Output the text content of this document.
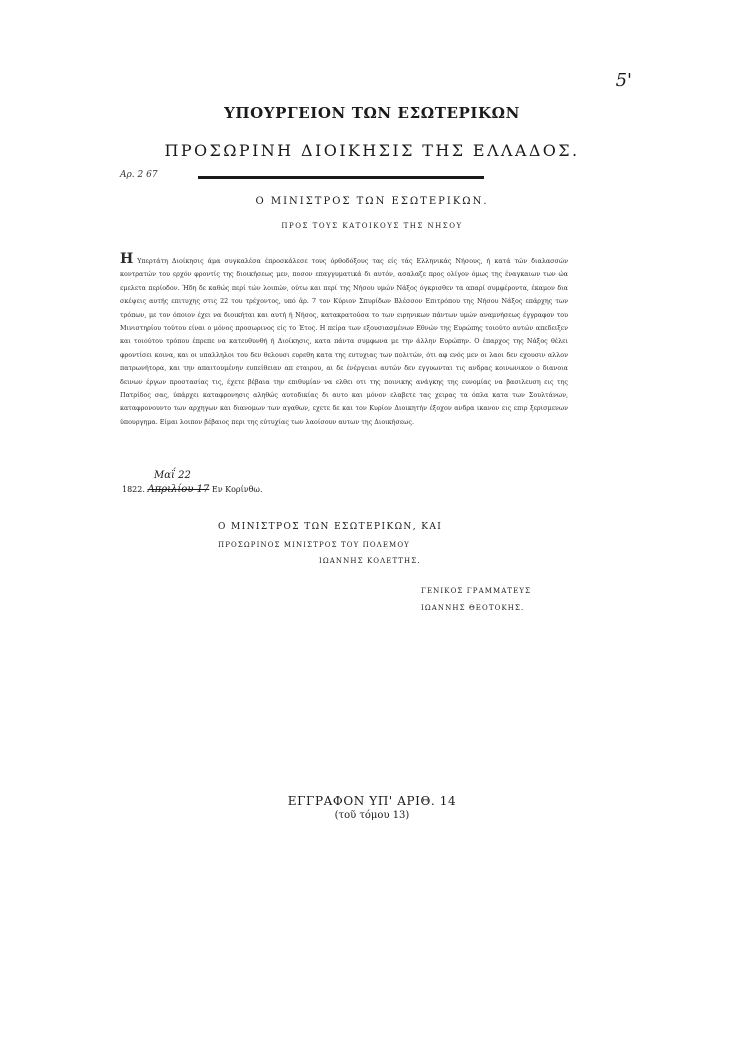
5'
ΥΠΟΥΡΓΕΙΟΝ ΤΩΝ ΕΣΩΤΕΡΙΚΩΝ
ΠΡΟΣΩΡΙΝΗ ΔΙΟΙΚΗΣΙΣ ΤΗΣ ΕΛΛΑΔΟΣ.
Αρ. 2 67
Ο ΜΙΝΙΣΤΡΟΣ ΤΩΝ ΕΣΩΤΕΡΙΚΩΝ.
ΠΡΟΣ ΤΟΥΣ ΚΑΤΟΙΚΟΥΣ ΤΗΣ ΝΗΣΟΥ
Η Υπερτάτη Διοίκησις άμα συγκαλέσα έπροσκάλεσε τους όρθοδόξους τας είς τάς Ελληνικάς Νήσους, ή κατά τών διαλασσών κοντρατών του ερχόν φροντίς της διοικήσεως μεν, ποσον επαγγυματικά δι αυτόν, ασαλαζε προς ολίγον όμως της έναγκαιων των ώα εμελετα περίοδον. Ήδη δε καθώς περί τών λοιπών, ούτω και περί της Νήσου υμών Νάξος όγκρισθεν τα απαρί συμφέροντα, έκαμον δια σκέψεις αυτής επιτυχης στις 22 του τρέχοντος, υπό ἀρ. 7 τον Κύριον Σπυρίδων Βλέσσον Επιτρόπου της Νήσου Νάξος επάρχης των τρόπων, με τον όποιον έχει να διοικήται και αυτή ή Νήσος, κατακρατούσα το των ειρηνικων πάντων υμών αναμνήσεως έγγραφον του Μινιστηρίου τούτου είναι ο μόνος προσωρινος είς το Έτος. Η πείρα των εξουσιασμένων Εθνών της Ευρώπης τοιούτο αυτών απεδειξεν και τοιούτου τρόπου έπρεπε να κατευθυνθή ή Διοίκησις, κατα πάντα συμφωνα με την άλλην Ευρώπην. Ο έπαρχος της Νάξος θέλει φροντίσει κοινα, και οι υπαλληλοι του δεν θελουσι ευρεθη κατα της ευτυχιας των πολιτών, ότι αφ ενός μεν οι λαοι δεν εχουσιν αλλον πατρωνήτορα, και την απαιτουμένην ευπείθειαν απ εταιρου, αι δε ένέργειαι αυτών δεν εγγυωνται τις ανδρας κοινωνικον ο διανοια δεινων έργων προστασίας τις, έχετε βέβαια την επιθυμίαν να ελθει οτι της ποινικης ανάγκης της ευνομίας να βασιλευση εις της Πατρίδος σας, ύπάρχει καταφρονησις αληθώς αυτοδικίας δι αυτο και μόνον ελαβετε τας χειρας τα όπλα κατα των Σουλτάνων, καταφρονουντο των αρχηγων και διανομων των αγαθων, εχετε δε και τον Κυρίον Διοικητήν έξοχον ανδρα ικανον εις επιρ ξερισμενων ύπουργημα. Είμαι λοιπον βέβαιος περι της εύτυχίας των λαοίσουν αυτων της Διοικήσεως.
Μαΐ 22
1822. Απριλίου 17 Εν Κορίνθω.
Ο ΜΙΝΙΣΤΡΟΣ ΤΩΝ ΕΣΩΤΕΡΙΚΩΝ, ΚΑΙ
ΠΡΟΣΩΡΙΝΟΣ ΜΙΝΙΣΤΡΟΣ ΤΟΥ ΠΟΛΕΜΟΥ
ΙΩΑΝΝΗΣ ΚΟΛΕΤΤΗΣ.
ΓΕΝΙΚΟΣ ΓΡΑΜΜΑΤΕΥΣ
ΙΩΑΝΝΗΣ ΘΕΟΤΟΚΗΣ.
ΕΓΓΡΑΦΟΝ ΥΠ' ΑΡΙΘ. 14
(τοῦ τόμου 13)
